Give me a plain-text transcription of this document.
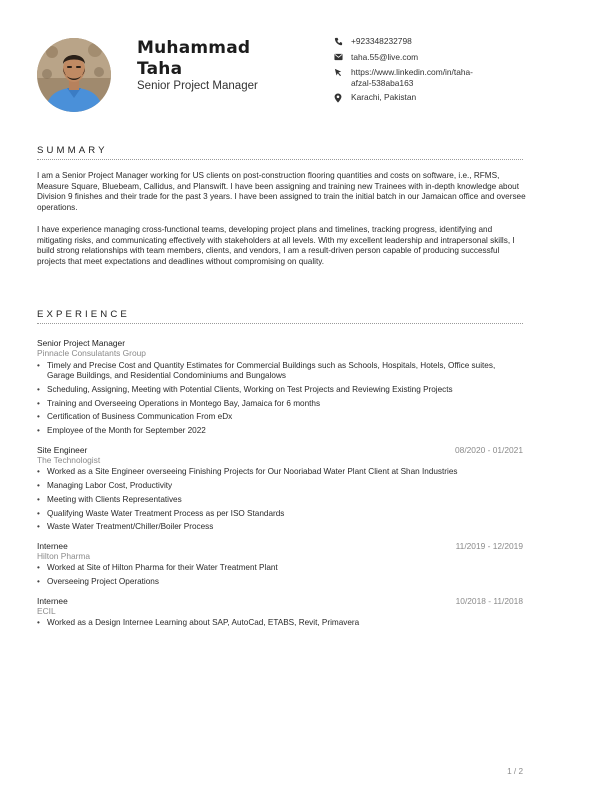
Muhammad
Taha
Senior Project Manager
+923348232798
taha.55@live.com
https://www.linkedin.com/in/taha-
afzal-538aba163
Karachi, Pakistan
SUMMARY

I am a Senior Project Manager working for US clients on post-construction flooring quantities and costs on software, i.e., RFMS, Measure Square, Bluebeam, Callidus, and Planswift. I have been assigning and training new Trainees with in-depth knowledge about Division 9 finishes and their trade for the past 3 years. I have been assigned to train the initial batch in our Jamaican office and oversee operations.

I have experience managing cross-functional teams, developing project plans and timelines, tracking progress, identifying and mitigating risks, and communicating effectively with stakeholders at all levels. With my excellent leadership and intrapersonal skills, I build strong relationships with team members, clients, and vendors, I am a result-driven person capable of producing successful projects that meet expectations and deadlines without compromising on quality.

EXPERIENCE
Senior Project Manager
Pinnacle Consulatants Group
• Timely and Precise Cost and Quantity Estimates for Commercial Buildings such as Schools, Hospitals, Hotels, Office suites, Garage Buildings, and Residential Condominiums and Bungalows
• Scheduling, Assigning, Meeting with Potential Clients, Working on Test Projects and Reviewing Existing Projects
• Training and Overseeing Operations in Montego Bay, Jamaica for 6 months
• Certification of Business Communication From eDx
• Employee of the Month for September 2022
Site Engineer	08/2020 - 01/2021
The Technologist
• Worked as a Site Engineer overseeing Finishing Projects for Our Nooriabad Water Plant Client at Shan Industries
• Managing Labor Cost, Productivity
• Meeting with Clients Representatives
• Qualifying Waste Water Treatment Process as per ISO Standards
• Waste Water Treatment/Chiller/Boiler Process
Internee	11/2019 - 12/2019
Hilton Pharma
• Worked at Site of Hilton Pharma for their Water Treatment Plant
• Overseeing Project Operations
Internee	10/2018 - 11/2018
ECIL
• Worked as a Design Internee Learning about SAP, AutoCad, ETABS, Revit, Primavera
1 / 2
